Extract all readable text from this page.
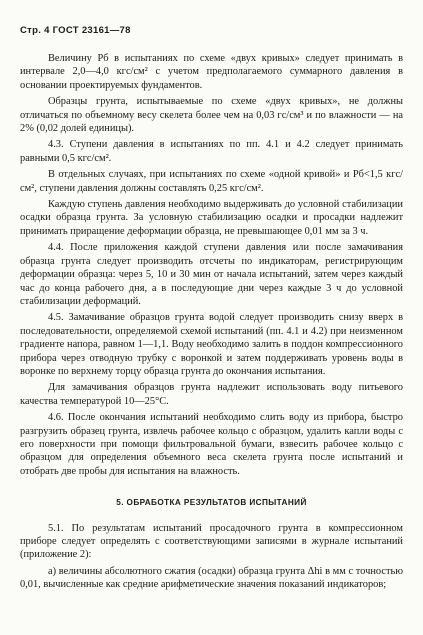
Стр. 4 ГОСТ 23161—78

Величину Pб в испытаниях по схеме «двух кривых» следует принимать в интервале 2,0—4,0 кгс/см² с учетом предполагаемого суммарного давления в основании проектируемых фундаментов.

Образцы грунта, испытываемые по схеме «двух кривых», не должны отличаться по объемному весу скелета более чем на 0,03 гс/см³ и по влажности — на 2% (0,02 долей единицы).

4.3. Ступени давления в испытаниях по пп. 4.1 и 4.2 следует принимать равными 0,5 кгс/см².

В отдельных случаях, при испытаниях по схеме «одной кривой» и Pб<1,5 кгс/см², ступени давления должны составлять 0,25 кгс/см².

Каждую ступень давления необходимо выдерживать до условной стабилизации осадки образца грунта. За условную стабилизацию осадки и просадки надлежит принимать приращение деформации образца, не превышающее 0,01 мм за 3 ч.

4.4. После приложения каждой ступени давления или после замачивания образца грунта следует производить отсчеты по индикаторам, регистрирующим деформации образца: через 5, 10 и 30 мин от начала испытаний, затем через каждый час до конца рабочего дня, а в последующие дни через каждые 3 ч до условной стабилизации деформаций.

4.5. Замачивание образцов грунта водой следует производить снизу вверх в последовательности, определяемой схемой испытаний (пп. 4.1 и 4.2) при неизменном градиенте напора, равном 1—1,1. Воду необходимо залить в поддон компрессионного прибора через отводную трубку с воронкой и затем поддерживать уровень воды в воронке по верхнему торцу образца грунта до окончания испытания.

Для замачивания образцов грунта надлежит использовать воду питьевого качества температурой 10—25°С.

4.6. После окончания испытаний необходимо слить воду из прибора, быстро разгрузить образец грунта, извлечь рабочее кольцо с образцом, удалить капли воды с его поверхности при помощи фильтровальной бумаги, взвесить рабочее кольцо с образцом для определения объемного веса скелета грунта после испытаний и отобрать две пробы для испытания на влажность.

5. ОБРАБОТКА РЕЗУЛЬТАТОВ ИСПЫТАНИЙ

5.1. По результатам испытаний просадочного грунта в компрессионном приборе следует определять с соответствующими записями в журнале испытаний (приложение 2):

а) величины абсолютного сжатия (осадки) образца грунта Δhi в мм с точностью 0,01, вычисленные как средние арифметические значения показаний индикаторов;
